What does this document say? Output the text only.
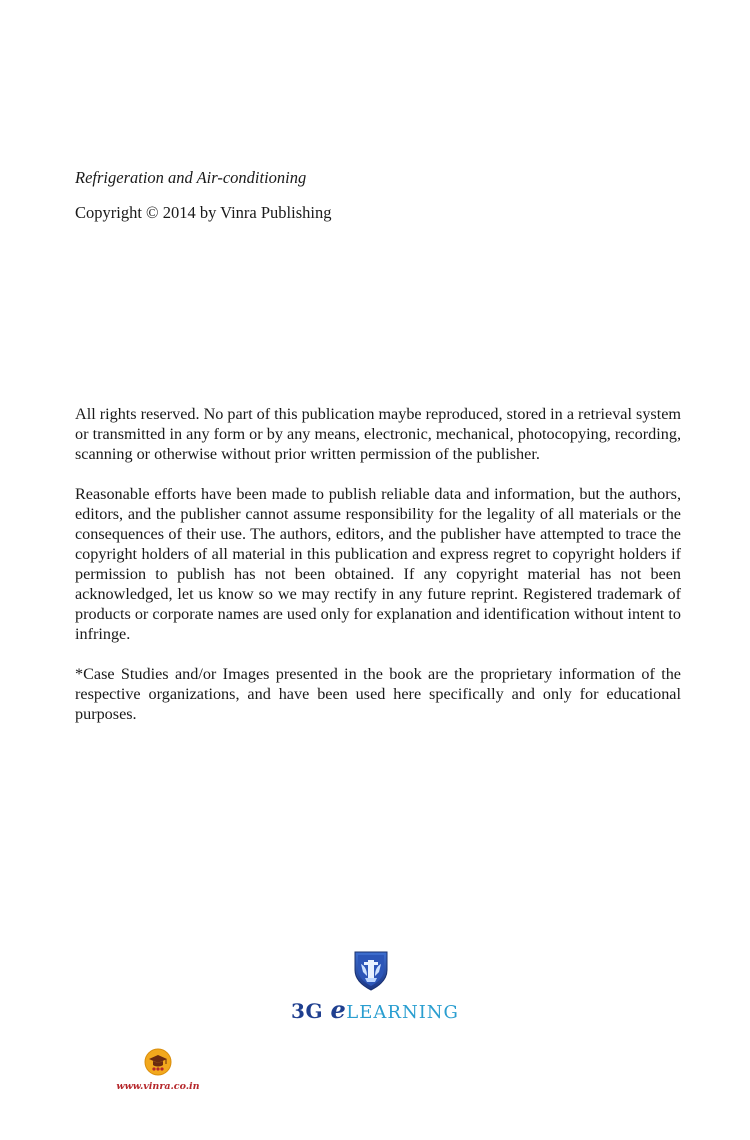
Refrigeration and Air-conditioning

Copyright © 2014 by Vinra Publishing

All rights reserved. No part of this publication maybe reproduced, stored in a retrieval system or transmitted in any form or by any means, electronic, mechanical, photocopying, recording, scanning or otherwise without prior written permission of the publisher.

Reasonable efforts have been made to publish reliable data and information, but the authors, editors, and the publisher cannot assume responsibility for the legality of all materials or the consequences of their use. The authors, editors, and the publisher have attempted to trace the copyright holders of all material in this publication and express regret to copyright holders if permission to publish has not been obtained. If any copyright material has not been acknowledged, let us know so we may rectify in any future reprint. Registered trademark of products or corporate names are used only for explanation and identification without intent to infringe.

*Case Studies and/or Images presented in the book are the proprietary information of the respective organizations, and have been used here specifically and only for educational purposes.

3G eLEARNING
www.vinra.co.in
